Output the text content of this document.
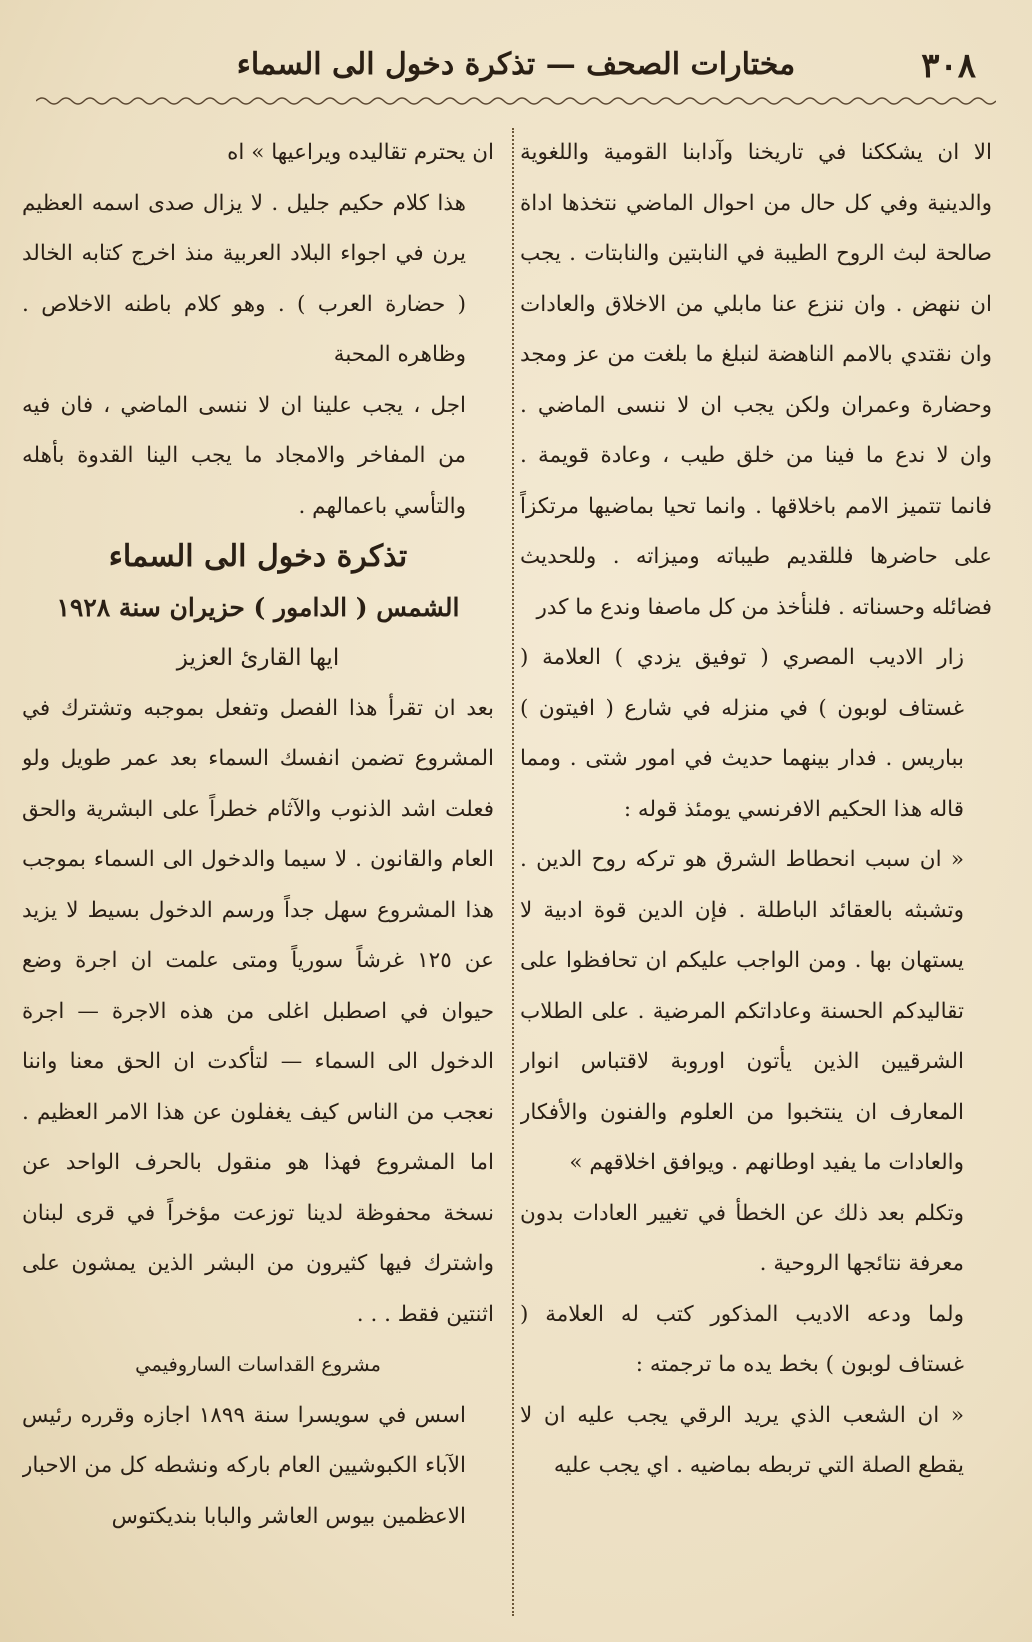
٣٠٨
مختارات الصحف — تذكرة دخول الى السماء

الا ان يشككنا في تاريخنا وآدابنا القومية واللغوية والدينية وفي كل حال من احوال الماضي نتخذها اداة صالحة لبث الروح الطيبة في النابتين والنابتات . يجب ان ننهض . وان ننزع عنا مابلي من الاخلاق والعادات وان نقتدي بالامم الناهضة لنبلغ ما بلغت من عز ومجد وحضارة وعمران ولكن يجب ان لا ننسى الماضي . وان لا ندع ما فينا من خلق طيب ، وعادة قويمة . فانما تتميز الامم باخلاقها . وانما تحيا بماضيها مرتكزاً على حاضرها فللقديم طيباته وميزاته . وللحديث فضائله وحسناته . فلنأخذ من كل ماصفا وندع ما كدر

زار الاديب المصري ( توفيق يزدي ) العلامة ( غستاف لوبون ) في منزله في شارع ( افيتون ) بباريس . فدار بينهما حديث في امور شتى . ومما قاله هذا الحكيم الافرنسي يومئذ قوله :

« ان سبب انحطاط الشرق هو تركه روح الدين . وتشبثه بالعقائد الباطلة . فإن الدين قوة ادبية لا يستهان بها . ومن الواجب عليكم ان تحافظوا على تقاليدكم الحسنة وعاداتكم المرضية . على الطلاب الشرقيين الذين يأتون اوروبة لاقتباس انوار المعارف ان ينتخبوا من العلوم والفنون والأفكار والعادات ما يفيد اوطانهم . ويوافق اخلاقهم »

وتكلم بعد ذلك عن الخطأ في تغيير العادات بدون معرفة نتائجها الروحية .

ولما ودعه الاديب المذكور كتب له العلامة ( غستاف لوبون ) بخط يده ما ترجمته :

« ان الشعب الذي يريد الرقي يجب عليه ان لا يقطع الصلة التي تربطه بماضيه . اي يجب عليه

ان يحترم تقاليده ويراعيها » اه

هذا كلام حكيم جليل . لا يزال صدى اسمه العظيم يرن في اجواء البلاد العربية منذ اخرج كتابه الخالد ( حضارة العرب ) . وهو كلام باطنه الاخلاص . وظاهره المحبة

اجل ، يجب علينا ان لا ننسى الماضي ، فان فيه من المفاخر والامجاد ما يجب الينا القدوة بأهله والتأسي باعمالهم .

تذكرة دخول الى السماء

الشمس ( الدامور ) حزيران سنة ١٩٢٨

ايها القارئ العزيز

بعد ان تقرأ هذا الفصل وتفعل بموجبه وتشترك في المشروع تضمن انفسك السماء بعد عمر طويل ولو فعلت اشد الذنوب والآثام خطراً على البشرية والحق العام والقانون . لا سيما والدخول الى السماء بموجب هذا المشروع سهل جداً ورسم الدخول بسيط لا يزيد عن ١٢٥ غرشاً سورياً ومتى علمت ان اجرة وضع حيوان في اصطبل اغلى من هذه الاجرة — اجرة الدخول الى السماء — لتأكدت ان الحق معنا واننا نعجب من الناس كيف يغفلون عن هذا الامر العظيم . اما المشروع فهذا هو منقول بالحرف الواحد عن نسخة محفوظة لدينا توزعت مؤخراً في قرى لبنان واشترك فيها كثيرون من البشر الذين يمشون على اثنتين فقط . . .

مشروع القداسات الساروفيمي

اسس في سويسرا سنة ١٨٩٩ اجازه وقرره رئيس الآباء الكبوشيين العام باركه ونشطه كل من الاحبار الاعظمين بيوس العاشر والبابا بنديكتوس
